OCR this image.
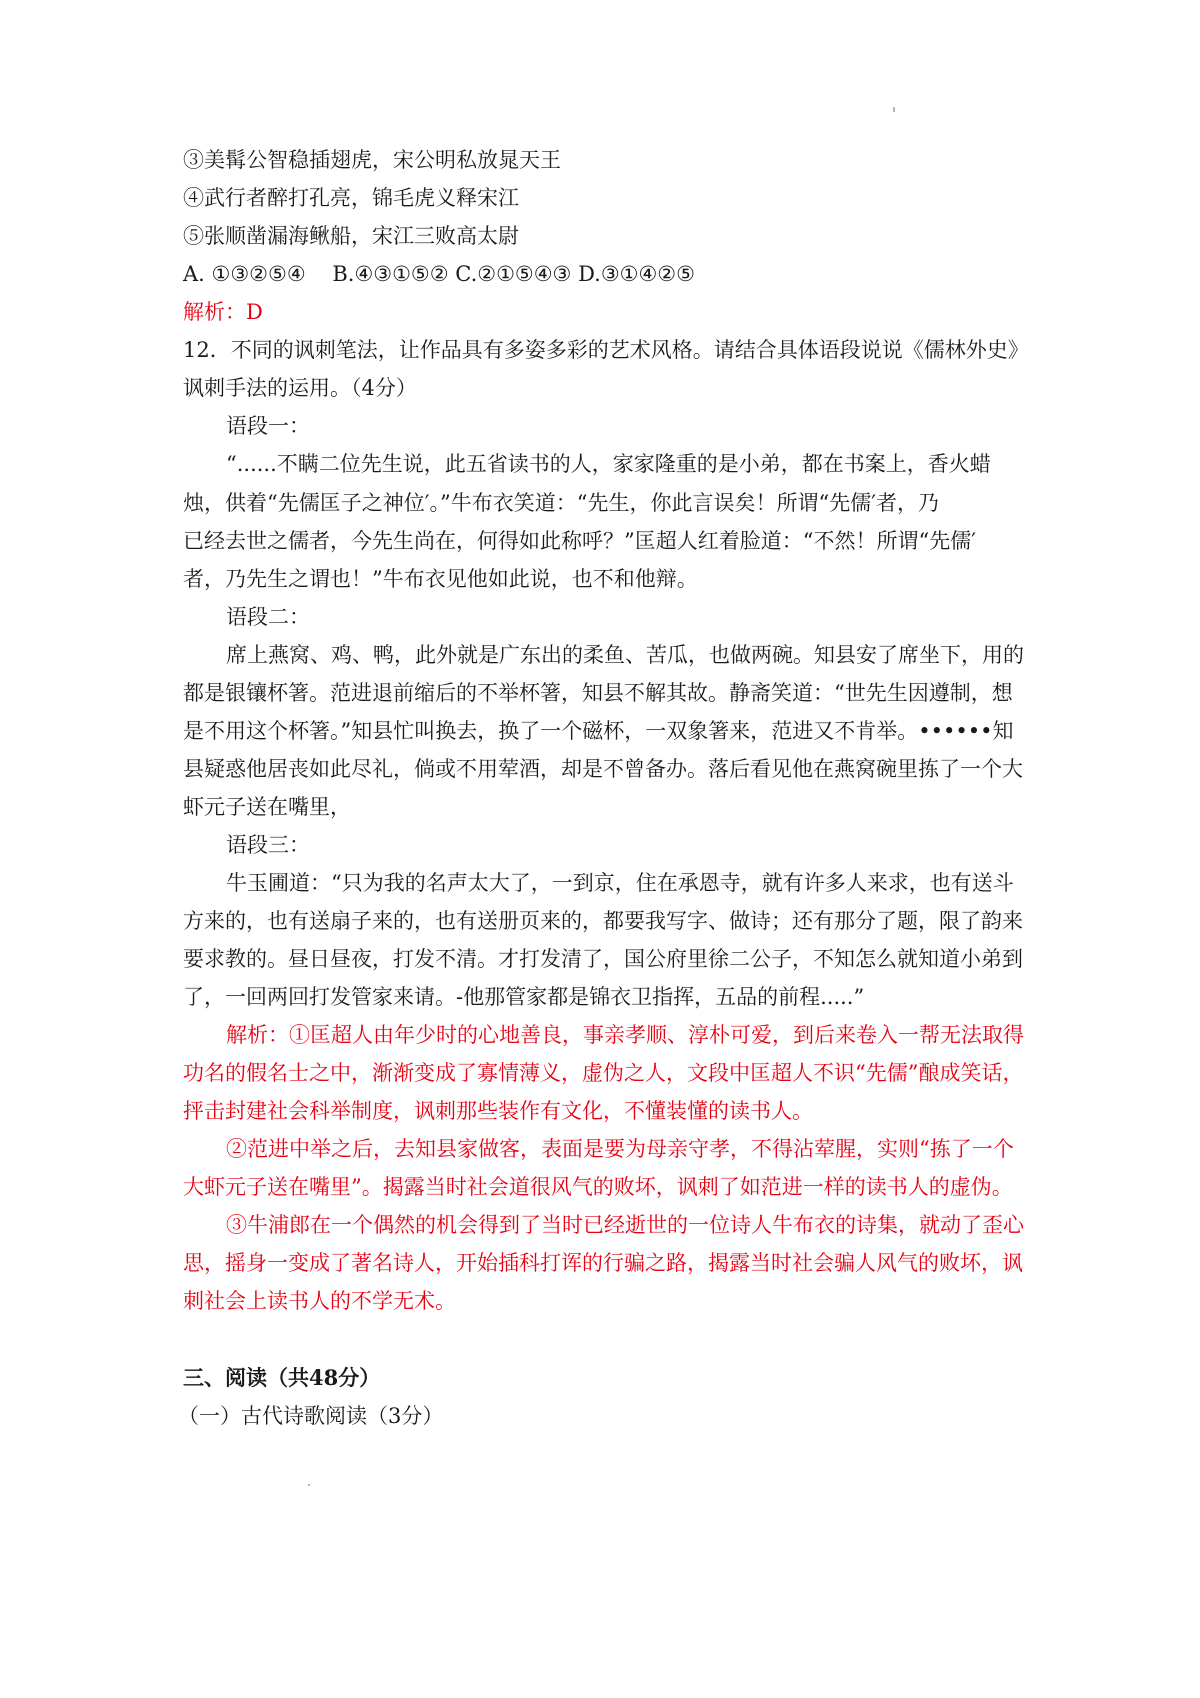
③美髯公智稳插翅虎，宋公明私放晁天王
④武行者醉打孔亮，锦毛虎义释宋江
⑤张顺凿漏海鳅船，宋江三败高太尉
A. ①③②⑤④    B.④③①⑤② C.②①⑤④③ D.③①④②⑤
解析：D
12．不同的讽刺笔法，让作品具有多姿多彩的艺术风格。请结合具体语段说说《儒林外史》
讽刺手法的运用。（4分）
语段一：
“......不瞒二位先生说，此五省读书的人，家家隆重的是小弟，都在书案上，香火蜡
烛，供着“先儒匡子之神位′。”牛布衣笑道：“先生，你此言误矣！所谓“先儒′者，乃
已经去世之儒者，今先生尚在，何得如此称呼？”匡超人红着脸道：“不然！所谓“先儒′
者，乃先生之谓也！”牛布衣见他如此说，也不和他辩。
语段二：
席上燕窝、鸡、鸭，此外就是广东出的柔鱼、苦瓜，也做两碗。知县安了席坐下，用的
都是银镶杯箸。范进退前缩后的不举杯箸，知县不解其故。静斋笑道：“世先生因遵制，想
是不用这个杯箸。”知县忙叫换去，换了一个磁杯，一双象箸来，范进又不肯举。••••••知
县疑惑他居丧如此尽礼，倘或不用荤酒，却是不曾备办。落后看见他在燕窝碗里拣了一个大
虾元子送在嘴里，
语段三：
牛玉圃道：“只为我的名声太大了，一到京，住在承恩寺，就有许多人来求，也有送斗
方来的，也有送扇子来的，也有送册页来的，都要我写字、做诗；还有那分了题，限了韵来
要求教的。昼日昼夜，打发不清。才打发清了，国公府里徐二公子，不知怎么就知道小弟到
了，一回两回打发管家来请。-他那管家都是锦衣卫指挥，五品的前程.....”
解析：①匡超人由年少时的心地善良，事亲孝顺、淳朴可爱，到后来卷入一帮无法取得
功名的假名士之中，渐渐变成了寡情薄义，虚伪之人，文段中匡超人不识“先儒”酿成笑话，
抨击封建社会科举制度，讽刺那些装作有文化，不懂装懂的读书人。
②范进中举之后，去知县家做客，表面是要为母亲守孝，不得沾荤腥，实则“拣了一个
大虾元子送在嘴里”。揭露当时社会道很风气的败坏，讽刺了如范进一样的读书人的虚伪。
③牛浦郎在一个偶然的机会得到了当时已经逝世的一位诗人牛布衣的诗集，就动了歪心
思，摇身一变成了著名诗人，开始插科打诨的行骗之路，揭露当时社会骗人风气的败坏，讽
刺社会上读书人的不学无术。
三、阅读（共48分）
（一）古代诗歌阅读（3分）
